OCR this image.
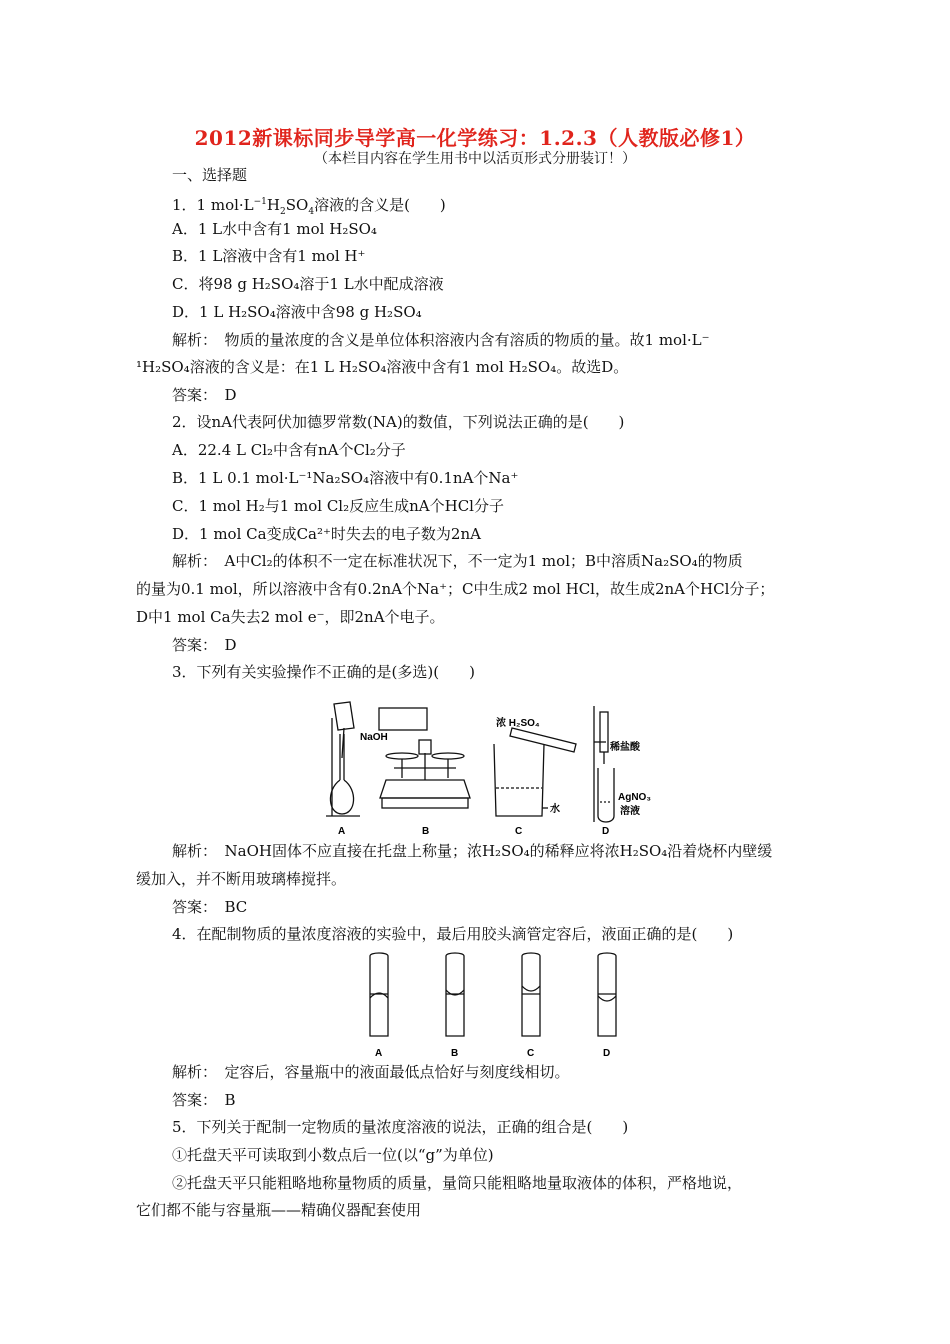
2012新课标同步导学高一化学练习：1.2.3（人教版必修1）
（本栏目内容在学生用书中以活页形式分册装订！）
一、选择题
1．1 $mol\cdot L^{-1}H_2SO_4$溶液的含义是(　　)
A．1 L水中含有1 mol H₂SO₄
B．1 L溶液中含有1 mol H⁺
C．将98 g H₂SO₄溶于1 L水中配成溶液
D．1 L H₂SO₄溶液中含98 g H₂SO₄
解析：　物质的量浓度的含义是单位体积溶液内含有溶质的物质的量。故1 mol·L⁻
¹H₂SO₄溶液的含义是：在1 L H₂SO₄溶液中含有1 mol H₂SO₄。故选D。
答案：　D
2．设nA代表阿伏加德罗常数(NA)的数值，下列说法正确的是(　　)
A．22.4 L Cl₂中含有nA个Cl₂分子
B．1 L 0.1 mol·L⁻¹Na₂SO₄溶液中有0.1nA个Na⁺
C．1 mol H₂与1 mol Cl₂反应生成nA个HCl分子
D．1 mol Ca变成Ca²⁺时失去的电子数为2nA
解析：　A中Cl₂的体积不一定在标准状况下，不一定为1 mol；B中溶质Na₂SO₄的物质
的量为0.1 mol，所以溶液中含有0.2nA个Na⁺；C中生成2 mol HCl，故生成2nA个HCl分子；
D中1 mol Ca失去2 mol e⁻，即2nA个电子。
答案：　D
3．下列有关实验操作不正确的是(多选)(　　)
NaOH
浓 H₂SO₄
稀盐酸
水
AgNO₃
溶液
A	B	C	D
解析：　NaOH固体不应直接在托盘上称量；浓H₂SO₄的稀释应将浓H₂SO₄沿着烧杯内壁缓
缓加入，并不断用玻璃棒搅拌。
答案：　BC
4．在配制物质的量浓度溶液的实验中，最后用胶头滴管定容后，液面正确的是(　　)
A	B	C	D
解析：　定容后，容量瓶中的液面最低点恰好与刻度线相切。
答案：　B
5．下列关于配制一定物质的量浓度溶液的说法，正确的组合是(　　)
①托盘天平可读取到小数点后一位(以“g”为单位)
②托盘天平只能粗略地称量物质的质量，量筒只能粗略地量取液体的体积，严格地说，
它们都不能与容量瓶——精确仪器配套使用
